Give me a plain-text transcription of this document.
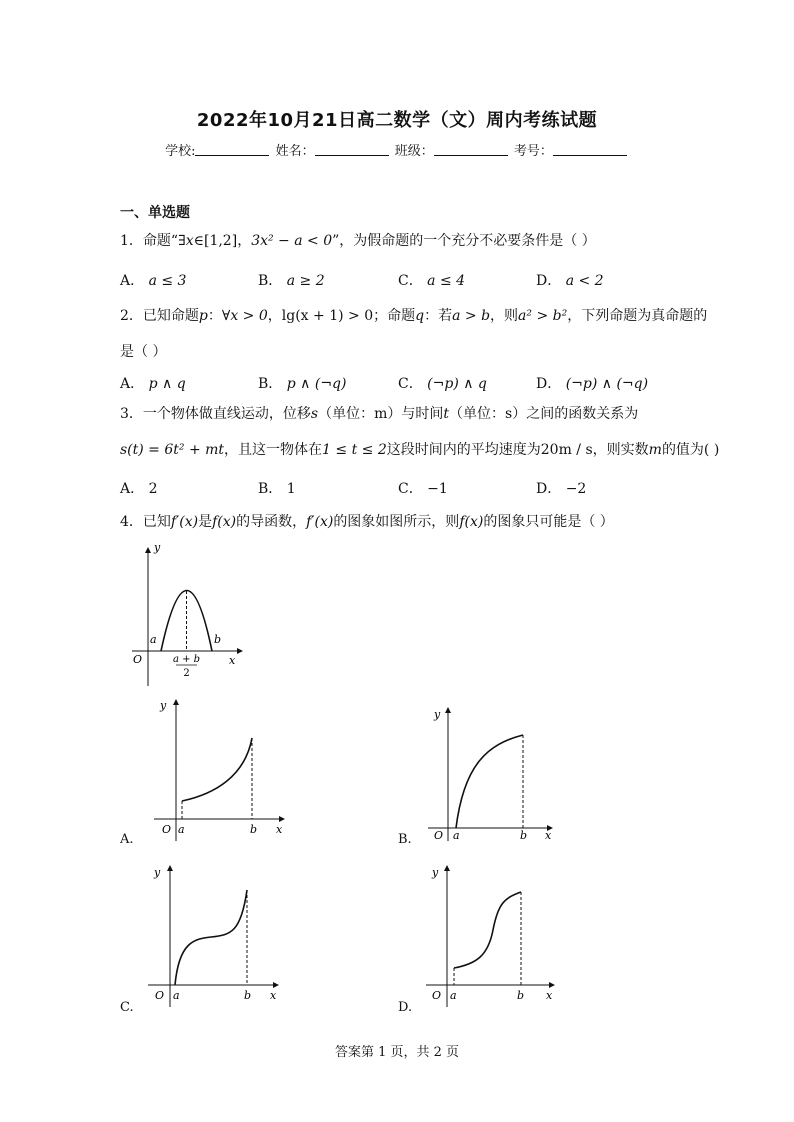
2022年10月21日高二数学（文）周内考练试题
学校:	姓名：	班级：	考号：
一、单选题
1．命题“∃x∈[1,2]，3x² − a < 0”，为假命题的一个充分不必要条件是（ ）
A． a ≤ 3	B． a ≥ 2	C． a ≤ 4	D． a < 2
2．已知命题p：∀x > 0，lg(x + 1) > 0；命题q：若a > b，则a² > b²，下列命题为真命题的
是（ ）
A． p ∧ q	B． p ∧ (¬q)	C． (¬p) ∧ q	D． (¬p) ∧ (¬q)
3．一个物体做直线运动，位移s（单位：m）与时间t（单位：s）之间的函数关系为
s(t) = 6t² + mt，且这一物体在1 ≤ t ≤ 2这段时间内的平均速度为20m / s，则实数m的值为( )
A． 2	B． 1	C． −1	D． −2
4．已知f′(x)是f(x)的导函数，f′(x)的图象如图所示，则f(x)的图象只可能是（ ）
y
x
O
a	b
a + b
2
A.
y
x
O a	b
B.
y
x
O a	b
C.
y
x
O a	b
D.
y
x
O a	b
答案第 1 页，共 2 页
